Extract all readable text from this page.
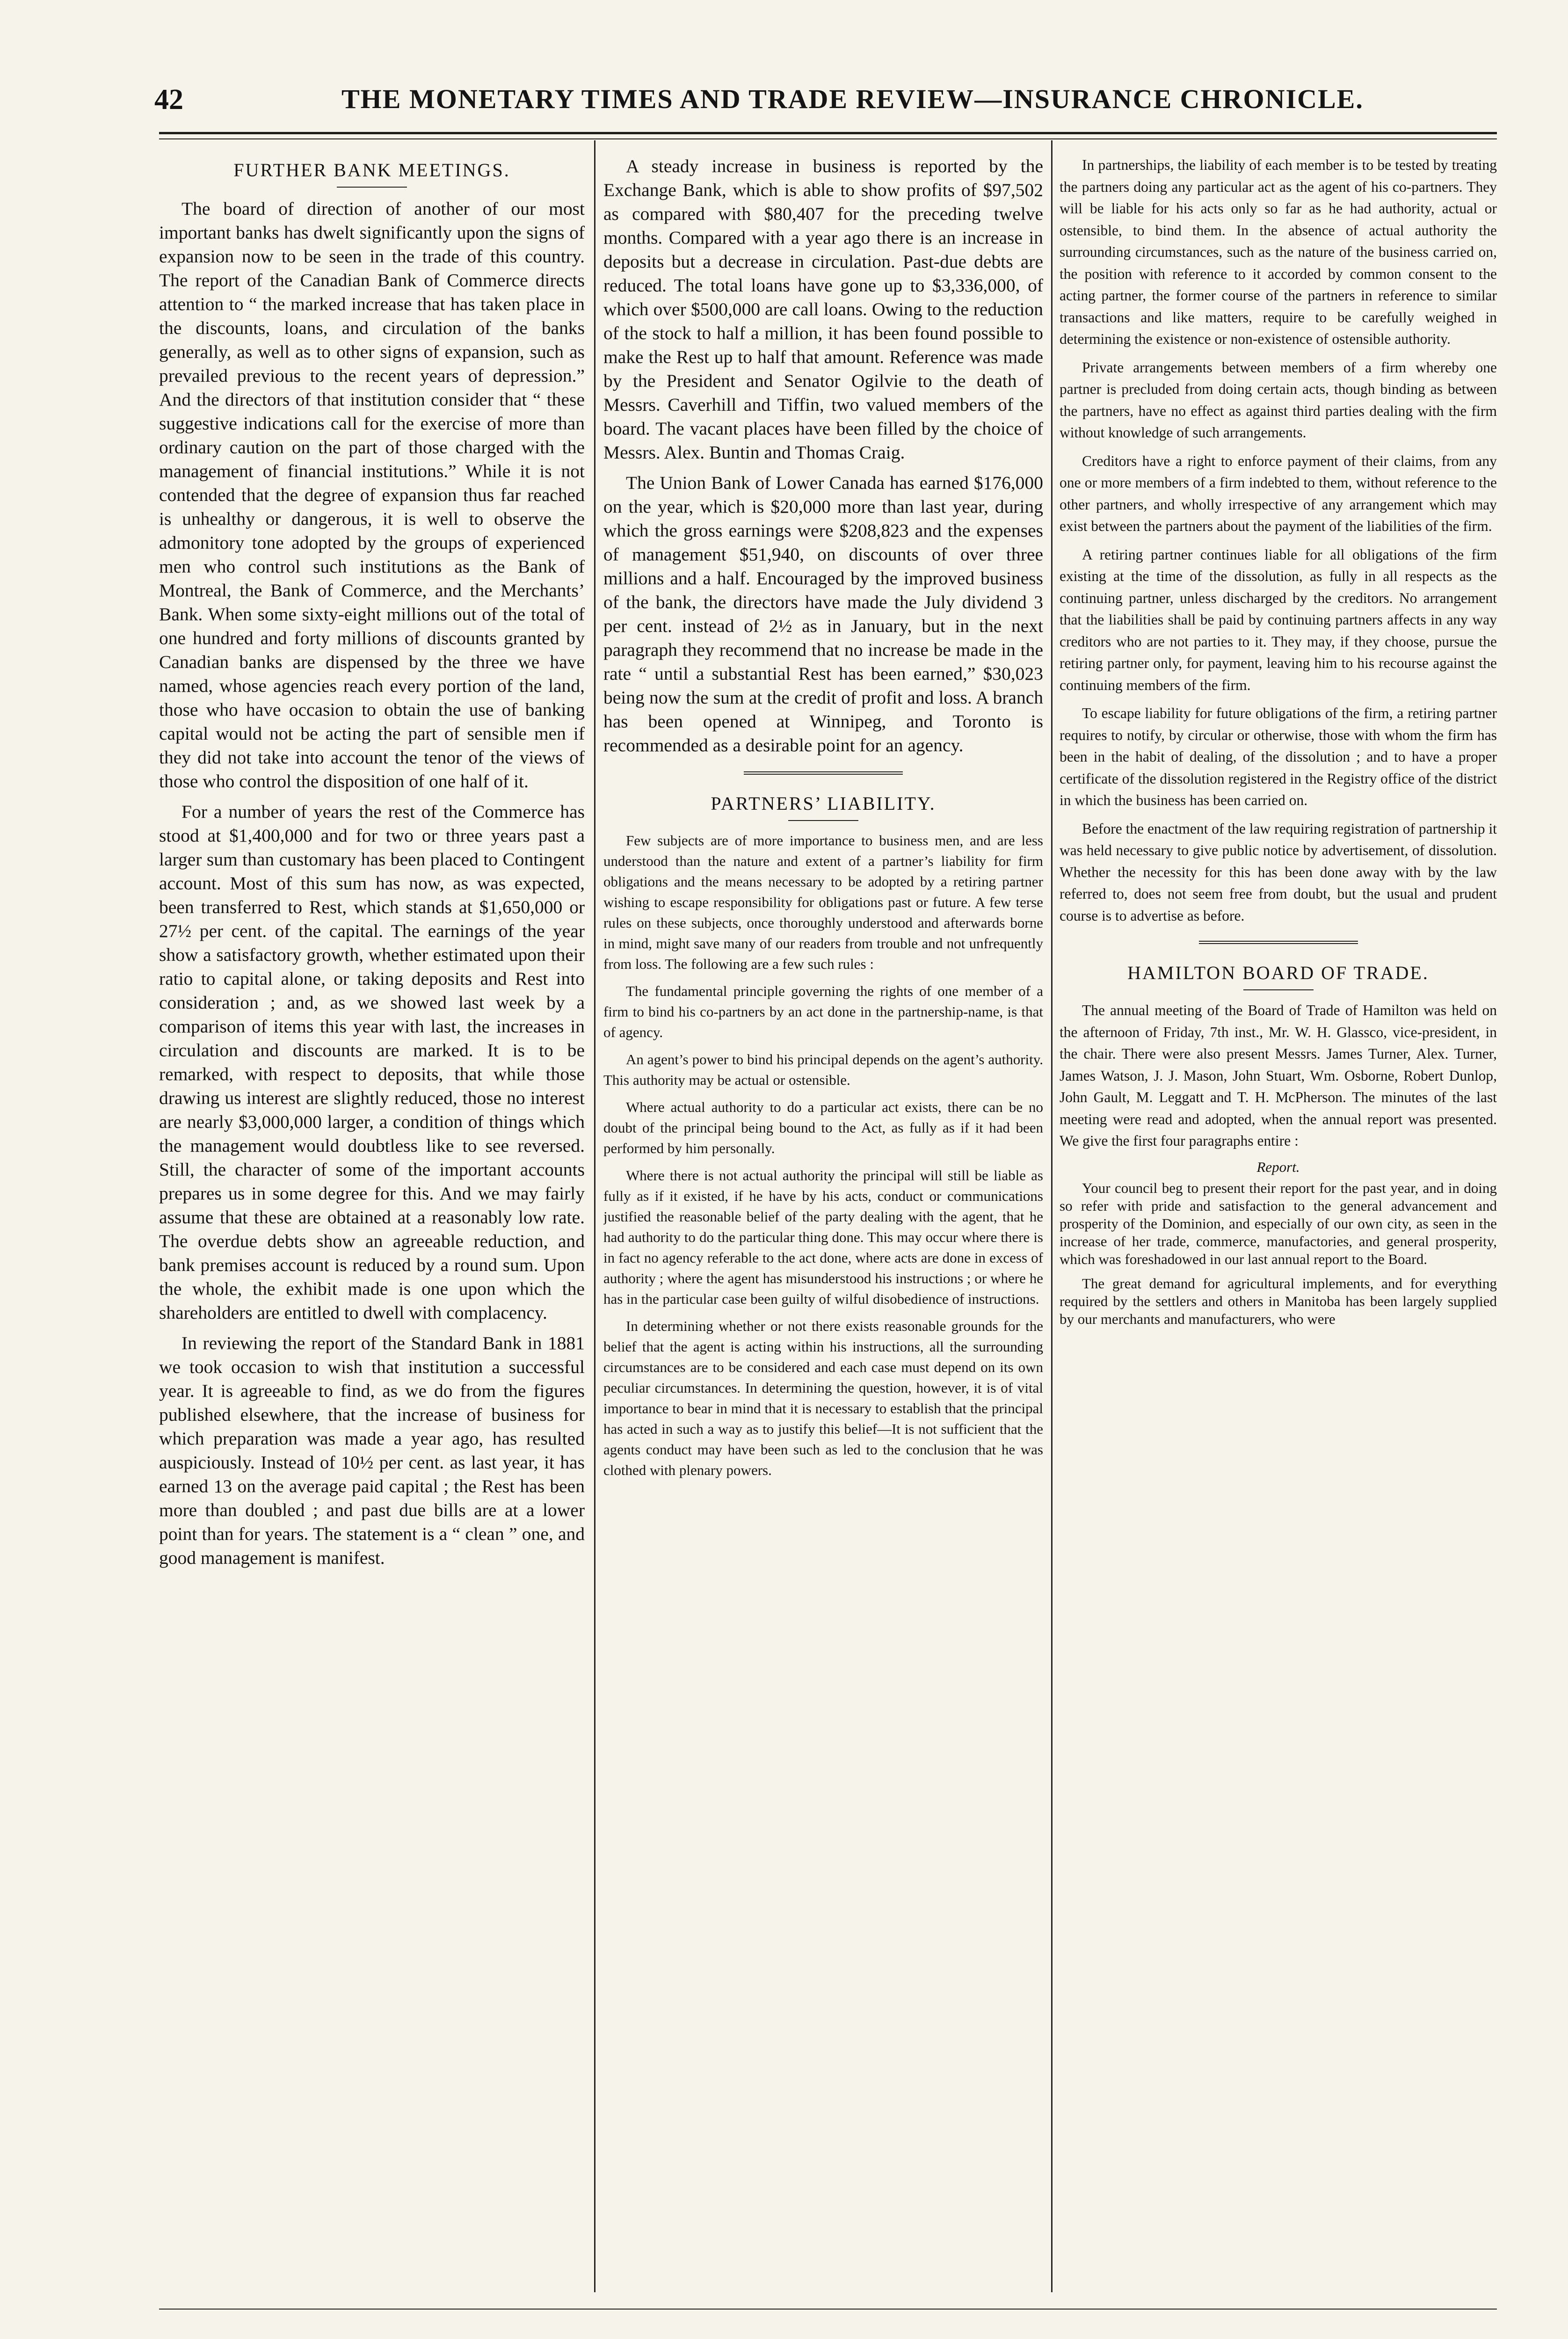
42	THE MONETARY TIMES AND TRADE REVIEW—INSURANCE CHRONICLE.
FURTHER BANK MEETINGS.

The board of direction of another of our most important banks has dwelt significantly upon the signs of expansion now to be seen in the trade of this country. The report of the Canadian Bank of Commerce directs attention to “ the marked increase that has taken place in the discounts, loans, and circulation of the banks generally, as well as to other signs of expansion, such as prevailed previous to the recent years of depression.” And the directors of that institution consider that “ these suggestive indications call for the exercise of more than ordinary caution on the part of those charged with the management of financial institutions.” While it is not contended that the degree of expansion thus far reached is unhealthy or dangerous, it is well to observe the admonitory tone adopted by the groups of experienced men who control such institutions as the Bank of Montreal, the Bank of Commerce, and the Merchants’ Bank. When some sixty-eight millions out of the total of one hundred and forty millions of discounts granted by Canadian banks are dispensed by the three we have named, whose agencies reach every portion of the land, those who have occasion to obtain the use of banking capital would not be acting the part of sensible men if they did not take into account the tenor of the views of those who control the disposition of one half of it.

For a number of years the rest of the Commerce has stood at $1,400,000 and for two or three years past a larger sum than customary has been placed to Contingent account. Most of this sum has now, as was expected, been transferred to Rest, which stands at $1,650,000 or 27½ per cent. of the capital. The earnings of the year show a satisfactory growth, whether estimated upon their ratio to capital alone, or taking deposits and Rest into consideration ; and, as we showed last week by a comparison of items this year with last, the increases in circulation and discounts are marked. It is to be remarked, with respect to deposits, that while those drawing us interest are slightly reduced, those no interest are nearly $3,000,000 larger, a condition of things which the management would doubtless like to see reversed. Still, the character of some of the important accounts prepares us in some degree for this. And we may fairly assume that these are obtained at a reasonably low rate. The overdue debts show an agreeable reduction, and bank premises account is reduced by a round sum. Upon the whole, the exhibit made is one upon which the shareholders are entitled to dwell with complacency.

In reviewing the report of the Standard Bank in 1881 we took occasion to wish that institution a successful year. It is agreeable to find, as we do from the figures published elsewhere, that the increase of business for which preparation was made a year ago, has resulted auspiciously. Instead of 10½ per cent. as last year, it has earned 13 on the average paid capital ; the Rest has been more than doubled ; and past due bills are at a lower point than for years. The statement is a “ clean ” one, and good management is manifest.

A steady increase in business is reported by the Exchange Bank, which is able to show profits of $97,502 as compared with $80,407 for the preceding twelve months. Compared with a year ago there is an increase in deposits but a decrease in circulation. Past-due debts are reduced. The total loans have gone up to $3,336,000, of which over $500,000 are call loans. Owing to the reduction of the stock to half a million, it has been found possible to make the Rest up to half that amount. Reference was made by the President and Senator Ogilvie to the death of Messrs. Caverhill and Tiffin, two valued members of the board. The vacant places have been filled by the choice of Messrs. Alex. Buntin and Thomas Craig.

The Union Bank of Lower Canada has earned $176,000 on the year, which is $20,000 more than last year, during which the gross earnings were $208,823 and the expenses of management $51,940, on discounts of over three millions and a half. Encouraged by the improved business of the bank, the directors have made the July dividend 3 per cent. instead of 2½ as in January, but in the next paragraph they recommend that no increase be made in the rate “ until a substantial Rest has been earned,” $30,023 being now the sum at the credit of profit and loss. A branch has been opened at Winnipeg, and Toronto is recommended as a desirable point for an agency.

PARTNERS’ LIABILITY.

Few subjects are of more importance to business men, and are less understood than the nature and extent of a partner’s liability for firm obligations and the means necessary to be adopted by a retiring partner wishing to escape responsibility for obligations past or future. A few terse rules on these subjects, once thoroughly understood and afterwards borne in mind, might save many of our readers from trouble and not unfrequently from loss. The following are a few such rules :

The fundamental principle governing the rights of one member of a firm to bind his co-partners by an act done in the partnership-name, is that of agency.

An agent’s power to bind his principal depends on the agent’s authority. This authority may be actual or ostensible.

Where actual authority to do a particular act exists, there can be no doubt of the principal being bound to the Act, as fully as if it had been performed by him personally.

Where there is not actual authority the principal will still be liable as fully as if it existed, if he have by his acts, conduct or communications justified the reasonable belief of the party dealing with the agent, that he had authority to do the particular thing done. This may occur where there is in fact no agency referable to the act done, where acts are done in excess of authority ; where the agent has misunderstood his instructions ; or where he has in the particular case been guilty of wilful disobedience of instructions.

In determining whether or not there exists reasonable grounds for the belief that the agent is acting within his instructions, all the surrounding circumstances are to be considered and each case must depend on its own peculiar circumstances. In determining the question, however, it is of vital importance to bear in mind that it is necessary to establish that the principal has acted in such a way as to justify this belief—It is not sufficient that the agents conduct may have been such as led to the conclusion that he was clothed with plenary powers.

In partnerships, the liability of each member is to be tested by treating the partners doing any particular act as the agent of his co-partners. They will be liable for his acts only so far as he had authority, actual or ostensible, to bind them. In the absence of actual authority the surrounding circumstances, such as the nature of the business carried on, the position with reference to it accorded by common consent to the acting partner, the former course of the partners in reference to similar transactions and like matters, require to be carefully weighed in determining the existence or non-existence of ostensible authority.

Private arrangements between members of a firm whereby one partner is precluded from doing certain acts, though binding as between the partners, have no effect as against third parties dealing with the firm without knowledge of such arrangements.

Creditors have a right to enforce payment of their claims, from any one or more members of a firm indebted to them, without reference to the other partners, and wholly irrespective of any arrangement which may exist between the partners about the payment of the liabilities of the firm.

A retiring partner continues liable for all obligations of the firm existing at the time of the dissolution, as fully in all respects as the continuing partner, unless discharged by the creditors. No arrangement that the liabilities shall be paid by continuing partners affects in any way creditors who are not parties to it. They may, if they choose, pursue the retiring partner only, for payment, leaving him to his recourse against the continuing members of the firm.

To escape liability for future obligations of the firm, a retiring partner requires to notify, by circular or otherwise, those with whom the firm has been in the habit of dealing, of the dissolution ; and to have a proper certificate of the dissolution registered in the Registry office of the district in which the business has been carried on.

Before the enactment of the law requiring registration of partnership it was held necessary to give public notice by advertisement, of dissolution. Whether the necessity for this has been done away with by the law referred to, does not seem free from doubt, but the usual and prudent course is to advertise as before.

HAMILTON BOARD OF TRADE.

The annual meeting of the Board of Trade of Hamilton was held on the afternoon of Friday, 7th inst., Mr. W. H. Glassco, vice-president, in the chair. There were also present Messrs. James Turner, Alex. Turner, James Watson, J. J. Mason, John Stuart, Wm. Osborne, Robert Dunlop, John Gault, M. Leggatt and T. H. McPherson. The minutes of the last meeting were read and adopted, when the annual report was presented. We give the first four paragraphs entire :

Report.

Your council beg to present their report for the past year, and in doing so refer with pride and satisfaction to the general advancement and prosperity of the Dominion, and especially of our own city, as seen in the increase of her trade, commerce, manufactories, and general prosperity, which was foreshadowed in our last annual report to the Board.

The great demand for agricultural implements, and for everything required by the settlers and others in Manitoba has been largely supplied by our merchants and manufacturers, who were
